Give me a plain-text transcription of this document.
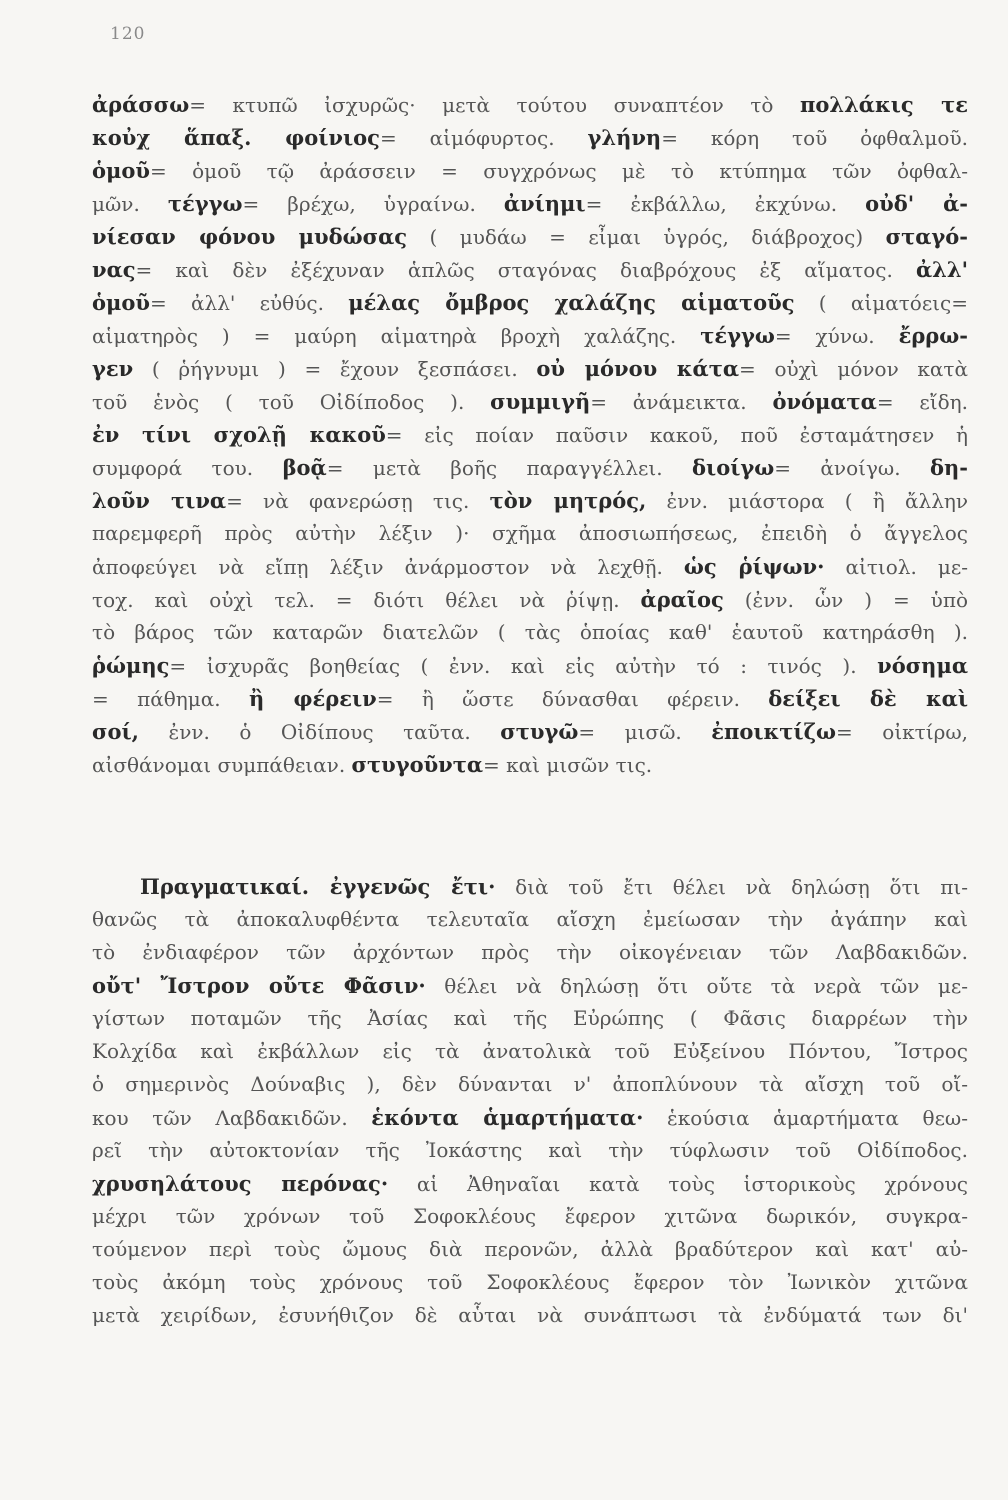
120
ἀράσσω= κτυπῶ ἰσχυρῶς· μετὰ τούτου συναπτέον τὸ πολλάκις τε
κοὐχ ἅπαξ. φοίνιος= αἱμόφυρτος. γλήνη= κόρη τοῦ ὀφθαλμοῦ.
ὁμοῦ= ὁμοῦ τῷ ἀράσσειν = συγχρόνως μὲ τὸ κτύπημα τῶν ὀφθαλ-
μῶν. τέγγω= βρέχω, ὑγραίνω. ἀνίημι= ἐκβάλλω, ἐκχύνω. οὐδ' ἀ-
νίεσαν φόνου μυδώσας ( μυδάω = εἶμαι ὑγρός, διάβροχος) σταγό-
νας= καὶ δὲν ἐξέχυναν ἁπλῶς σταγόνας διαβρόχους ἐξ αἵματος. ἀλλ'
ὁμοῦ= ἀλλ' εὐθύς. μέλας ὄμβρος χαλάζης αἱματοῦς ( αἱματόεις=
αἱματηρὸς ) = μαύρη αἱματηρὰ βροχὴ χαλάζης. τέγγω= χύνω. ἔρρω-
γεν ( ῥήγνυμι ) = ἔχουν ξεσπάσει. οὐ μόνου κάτα= οὐχὶ μόνον κατὰ
τοῦ ἑνὸς ( τοῦ Οἰδίποδος ). συμμιγῆ= ἀνάμεικτα. ὀνόματα= εἴδη.
ἐν τίνι σχολῇ κακοῦ= εἰς ποίαν παῦσιν κακοῦ, ποῦ ἐσταμάτησεν ἡ
συμφορά του. βοᾷ= μετὰ βοῆς παραγγέλλει. διοίγω= ἀνοίγω. δη-
λοῦν τινα= νὰ φανερώσῃ τις. τὸν μητρός, ἐνν. μιάστορα ( ἢ ἄλλην
παρεμφερῆ πρὸς αὐτὴν λέξιν )· σχῆμα ἀποσιωπήσεως, ἐπειδὴ ὁ ἄγγελος
ἀποφεύγει νὰ εἴπῃ λέξιν ἀνάρμοστον νὰ λεχθῇ. ὡς ῥίψων· αἰτιολ. με-
τοχ. καὶ οὐχὶ τελ. = διότι θέλει νὰ ῥίψῃ. ἀραῖος (ἐνν. ὧν ) = ὑπὸ
τὸ βάρος τῶν καταρῶν διατελῶν ( τὰς ὁποίας καθ' ἑαυτοῦ κατηράσθη ).
ῥώμης= ἰσχυρᾶς βοηθείας ( ἐνν. καὶ εἰς αὐτὴν τό : τινός ). νόσημα
= πάθημα. ἢ φέρειν= ἢ ὥστε δύνασθαι φέρειν. δείξει δὲ καὶ
σοί, ἐνν. ὁ Οἰδίπους ταῦτα. στυγῶ= μισῶ. ἐποικτίζω= οἰκτίρω,
αἰσθάνομαι συμπάθειαν. στυγοῦντα= καὶ μισῶν τις.
Πραγματικαί. ἐγγενῶς ἔτι· διὰ τοῦ ἔτι θέλει νὰ δηλώσῃ ὅτι πι-
θανῶς τὰ ἀποκαλυφθέντα τελευταῖα αἴσχη ἐμείωσαν τὴν ἀγάπην καὶ
τὸ ἐνδιαφέρον τῶν ἀρχόντων πρὸς τὴν οἰκογένειαν τῶν Λαβδακιδῶν.
οὔτ' Ἴστρον οὔτε Φᾶσιν· θέλει νὰ δηλώσῃ ὅτι οὔτε τὰ νερὰ τῶν με-
γίστων ποταμῶν τῆς Ἀσίας καὶ τῆς Εὐρώπης ( Φᾶσις διαρρέων τὴν
Κολχίδα καὶ ἐκβάλλων εἰς τὰ ἀνατολικὰ τοῦ Εὐξείνου Πόντου, Ἴστρος
ὁ σημερινὸς Δούναβις ), δὲν δύνανται ν' ἀποπλύνουν τὰ αἴσχη τοῦ οἴ-
κου τῶν Λαβδακιδῶν. ἑκόντα ἁμαρτήματα· ἑκούσια ἁμαρτήματα θεω-
ρεῖ τὴν αὐτοκτονίαν τῆς Ἰοκάστης καὶ τὴν τύφλωσιν τοῦ Οἰδίποδος.
χρυσηλάτους περόνας· αἱ Ἀθηναῖαι κατὰ τοὺς ἱστορικοὺς χρόνους
μέχρι τῶν χρόνων τοῦ Σοφοκλέους ἔφερον χιτῶνα δωρικόν, συγκρα-
τούμενον περὶ τοὺς ὤμους διὰ περονῶν, ἀλλὰ βραδύτερον καὶ κατ' αὐ-
τοὺς ἀκόμη τοὺς χρόνους τοῦ Σοφοκλέους ἔφερον τὸν Ἰωνικὸν χιτῶνα
μετὰ χειρίδων, ἐσυνήθιζον δὲ αὗται νὰ συνάπτωσι τὰ ἐνδύματά των δι'
